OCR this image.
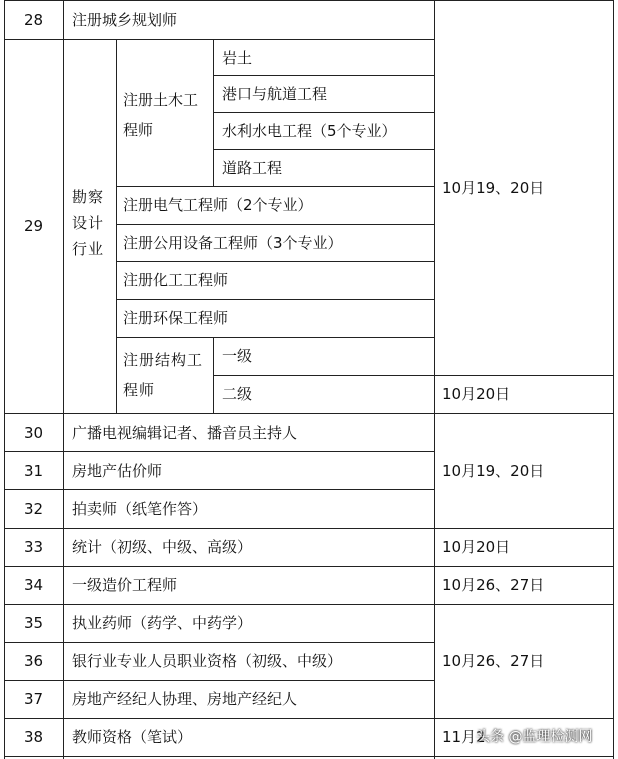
28
29
30
31
32
33
34
35
36
37
38
注册城乡规划师
勘察设计行业
注册土木工程师
岩土
港口与航道工程
水利水电工程（5个专业）
道路工程
注册电气工程师（2个专业）
注册公用设备工程师（3个专业）
注册化工工程师
注册环保工程师
注册结构工程师
一级
二级
广播电视编辑记者、播音员主持人
房地产估价师
拍卖师（纸笔作答）
统计（初级、中级、高级）
一级造价工程师
执业药师（药学、中药学）
银行业专业人员职业资格（初级、中级）
房地产经纪人协理、房地产经纪人
教师资格（笔试）
10月19、20日
10月20日
10月19、20日
10月20日
10月26、27日
10月26、27日
11月2
头条 @监理检测网
